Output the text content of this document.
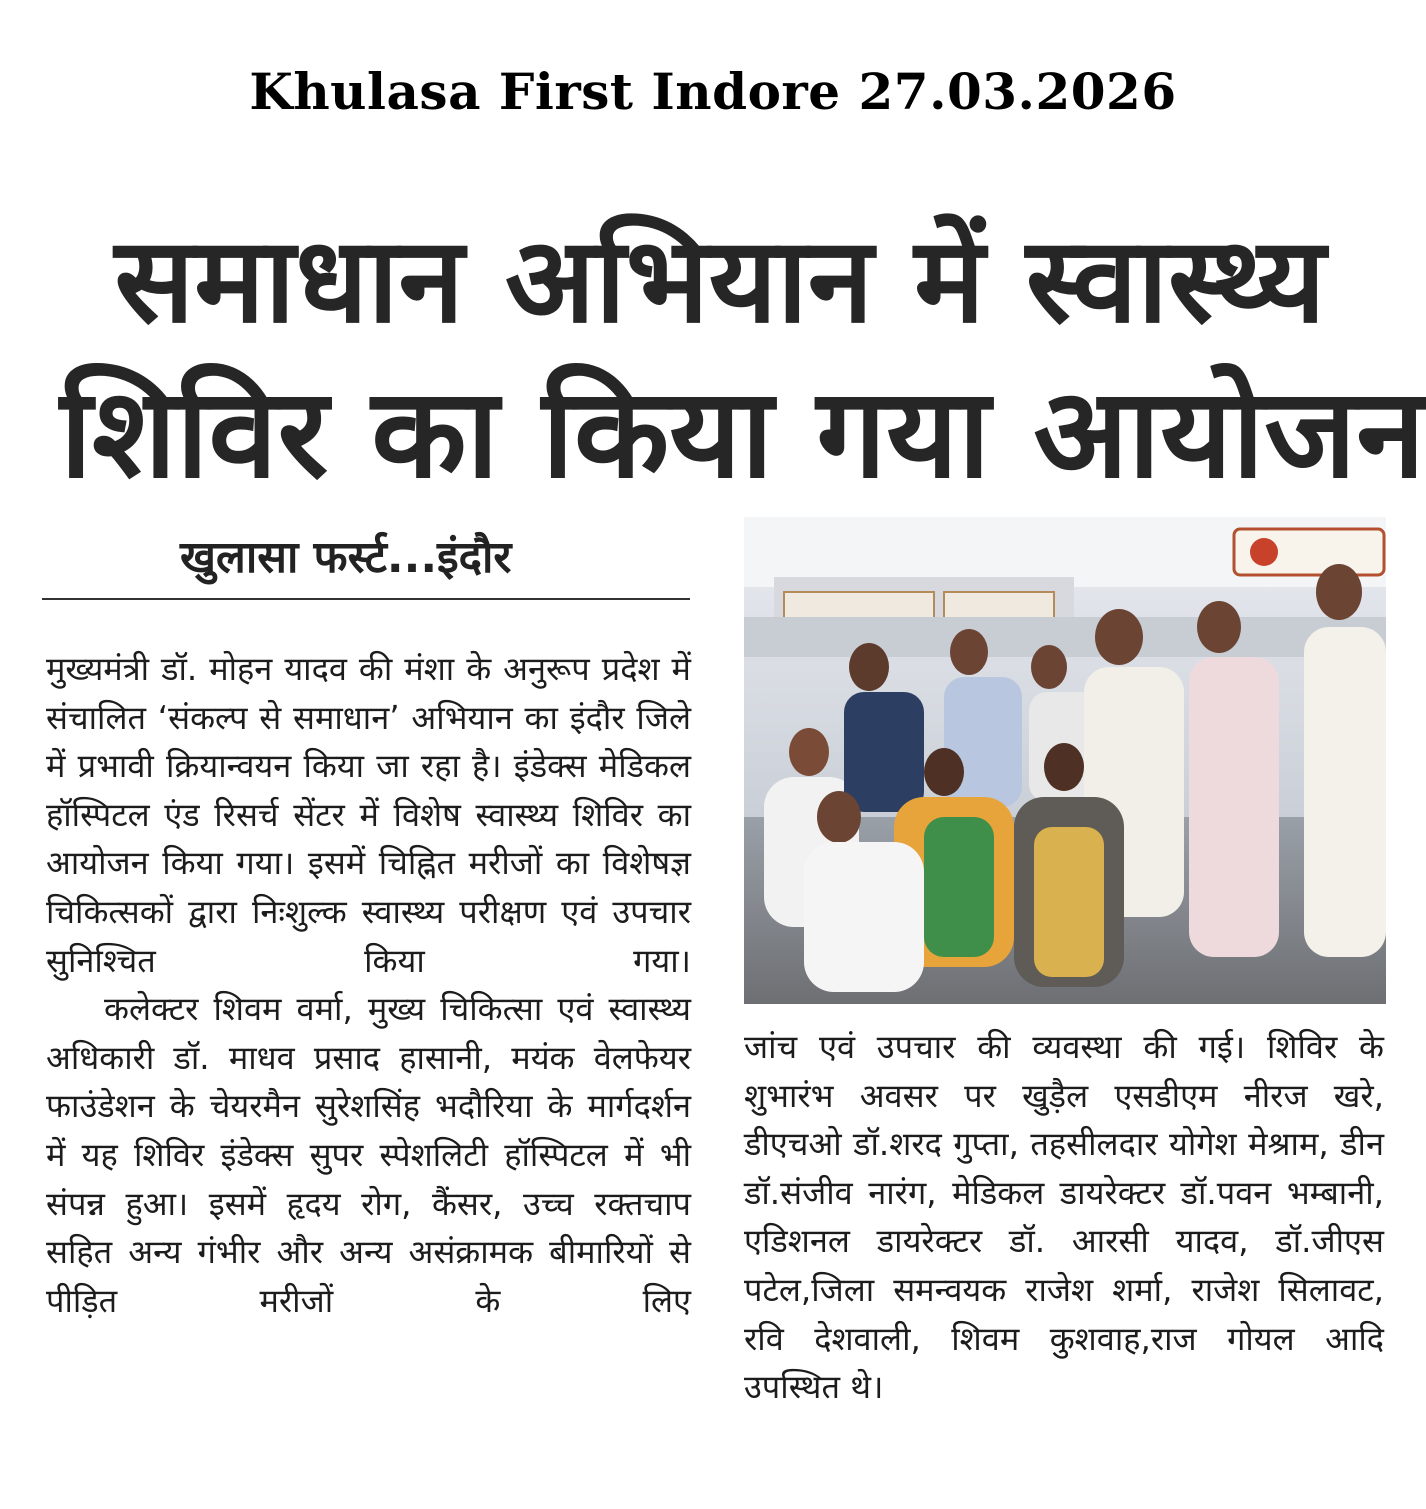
Khulasa First Indore 27.03.2026
समाधान अभियान में स्वास्थ्य
शिविर का किया गया आयोजन
खुलासा फर्स्ट...इंदौर
मुख्यमंत्री डॉ. मोहन यादव की मंशा के अनुरूप प्रदेश में संचालित ‘संकल्प से समाधान’ अभियान का इंदौर जिले में प्रभावी क्रियान्वयन किया जा रहा है। इंडेक्स मेडिकल हॉस्पिटल एंड रिसर्च सेंटर में विशेष स्वास्थ्य शिविर का आयोजन किया गया। इसमें चिह्नित मरीजों का विशेषज्ञ चिकित्सकों द्वारा निःशुल्क स्वास्थ्य परीक्षण एवं उपचार सुनिश्चित किया गया।
कलेक्टर शिवम वर्मा, मुख्य चिकित्सा एवं स्वास्थ्य अधिकारी डॉ. माधव प्रसाद हासानी, मयंक वेलफेयर फाउंडेशन के चेयरमैन सुरेशसिंह भदौरिया के मार्गदर्शन में यह शिविर इंडेक्स सुपर स्पेशलिटी हॉस्पिटल में भी संपन्न हुआ। इसमें हृदय रोग, कैंसर, उच्च रक्तचाप सहित अन्य गंभीर और अन्य असंक्रामक बीमारियों से पीड़ित मरीजों के लिए
जांच एवं उपचार की व्यवस्था की गई। शिविर के शुभारंभ अवसर पर खुड़ैल एसडीएम नीरज खरे, डीएचओ डॉ.शरद गुप्ता, तहसीलदार योगेश मेश्राम, डीन डॉ.संजीव नारंग, मेडिकल डायरेक्टर डॉ.पवन भम्बानी, एडिशनल डायरेक्टर डॉ. आरसी यादव, डॉ.जीएस पटेल,जिला समन्वयक राजेश शर्मा, राजेश सिलावट, रवि देशवाली, शिवम कुशवाह,राज गोयल आदि उपस्थित थे।
